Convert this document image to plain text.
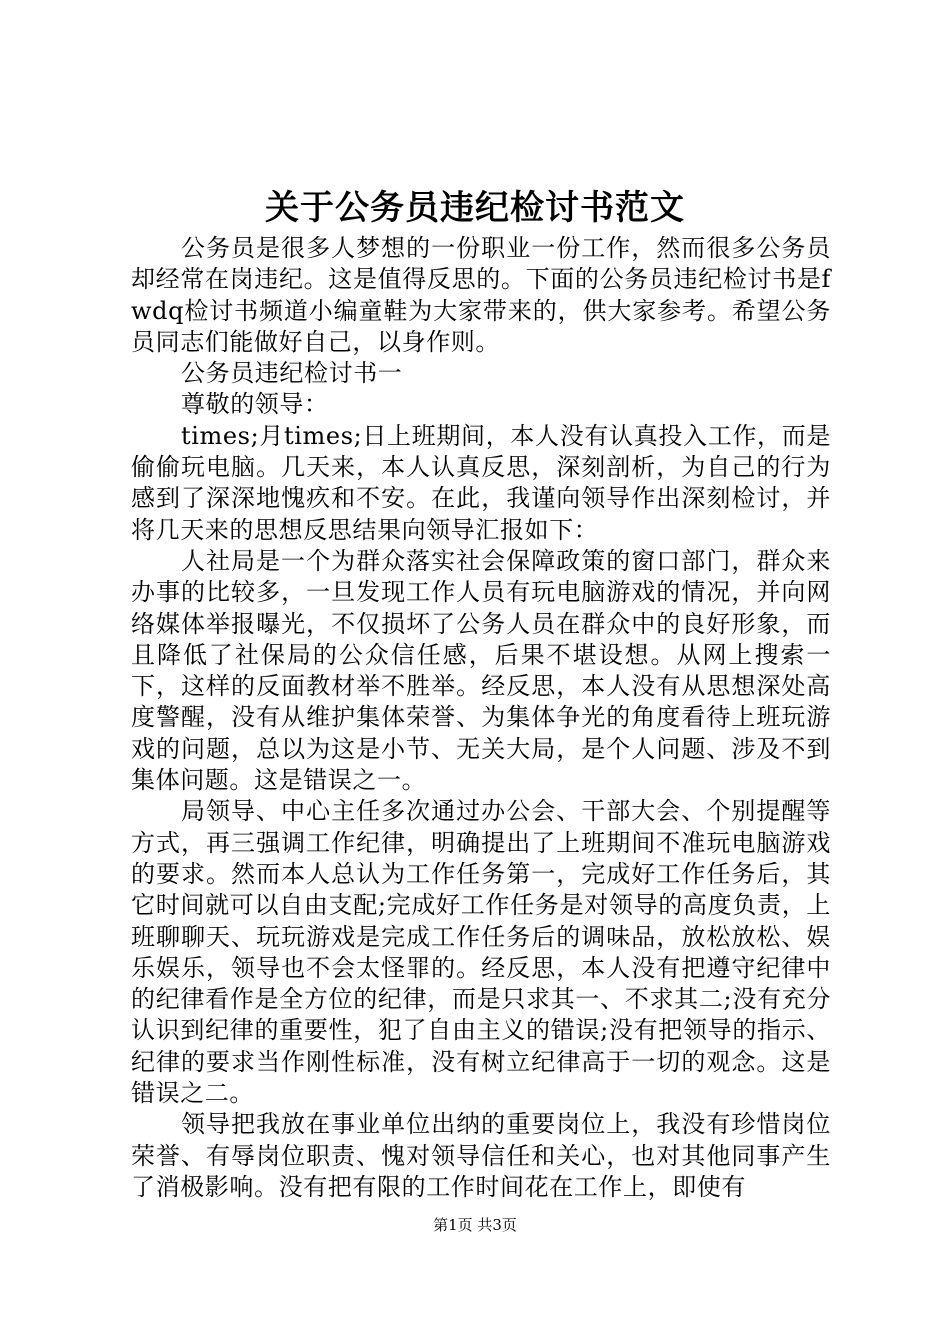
关于公务员违纪检讨书范文

公务员是很多人梦想的一份职业一份工作，然而很多公务员却经常在岗违纪。这是值得反思的。下面的公务员违纪检讨书是fwdq检讨书频道小编童鞋为大家带来的，供大家参考。希望公务员同志们能做好自己，以身作则。

公务员违纪检讨书一

尊敬的领导：

times;月times;日上班期间，本人没有认真投入工作，而是偷偷玩电脑。几天来，本人认真反思，深刻剖析，为自己的行为感到了深深地愧疚和不安。在此，我谨向领导作出深刻检讨，并将几天来的思想反思结果向领导汇报如下：

人社局是一个为群众落实社会保障政策的窗口部门，群众来办事的比较多，一旦发现工作人员有玩电脑游戏的情况，并向网络媒体举报曝光，不仅损坏了公务人员在群众中的良好形象，而且降低了社保局的公众信任感，后果不堪设想。从网上搜索一下，这样的反面教材举不胜举。经反思，本人没有从思想深处高度警醒，没有从维护集体荣誉、为集体争光的角度看待上班玩游戏的问题，总以为这是小节、无关大局，是个人问题、涉及不到集体问题。这是错误之一。

局领导、中心主任多次通过办公会、干部大会、个别提醒等方式，再三强调工作纪律，明确提出了上班期间不准玩电脑游戏的要求。然而本人总认为工作任务第一，完成好工作任务后，其它时间就可以自由支配;完成好工作任务是对领导的高度负责，上班聊聊天、玩玩游戏是完成工作任务后的调味品，放松放松、娱乐娱乐，领导也不会太怪罪的。经反思，本人没有把遵守纪律中的纪律看作是全方位的纪律，而是只求其一、不求其二;没有充分认识到纪律的重要性，犯了自由主义的错误;没有把领导的指示、纪律的要求当作刚性标准，没有树立纪律高于一切的观念。这是错误之二。

领导把我放在事业单位出纳的重要岗位上，我没有珍惜岗位荣誉、有辱岗位职责、愧对领导信任和关心，也对其他同事产生了消极影响。没有把有限的工作时间花在工作上，即使有

第1页 共3页
